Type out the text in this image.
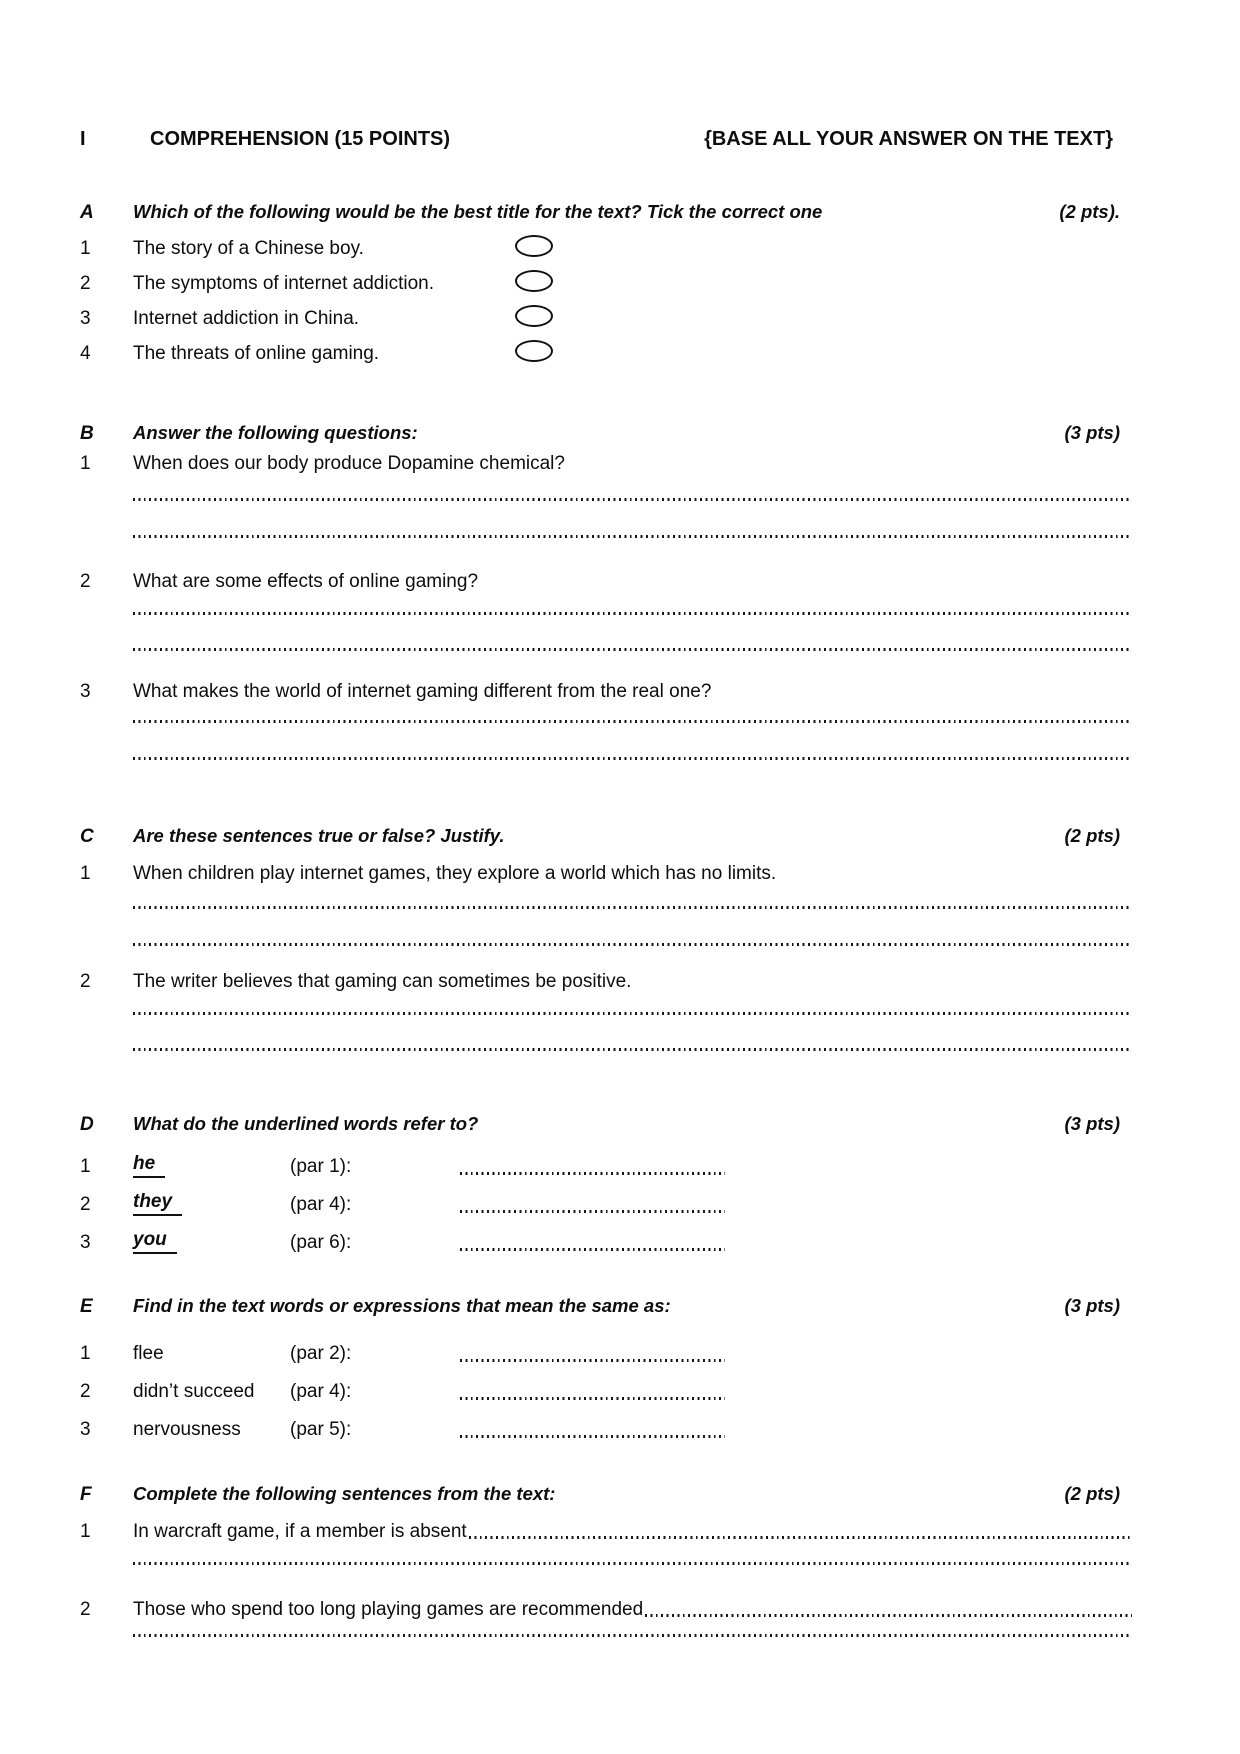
I	COMPREHENSION (15 POINTS)	{BASE ALL YOUR ANSWER ON THE TEXT}
A Which of the following would be the best title for the text? Tick the correct one	(2 pts).
1 The story of a Chinese boy.
2 The symptoms of internet addiction.
3 Internet addiction in China.
4 The threats of online gaming.
B Answer the following questions:	(3 pts)
1 When does our body produce Dopamine chemical?
2 What are some effects of online gaming?
3 What makes the world of internet gaming different from the real one?
C Are these sentences true or false? Justify.	(2 pts)
1 When children play internet games, they explore a world which has no limits.
2 The writer believes that gaming can sometimes be positive.
D What do the underlined words refer to?	(3 pts)
1	he	(par 1):
2	they	(par 4):
3	you	(par 6):
E Find in the text words or expressions that mean the same as:	(3 pts)
1	flee	(par 2):
2	didn’t succeed	(par 4):
3	nervousness	(par 5):
F Complete the following sentences from the text:	(2 pts)
1	In warcraft game, if a member is absent
2	Those who spend too long playing games are recommended
